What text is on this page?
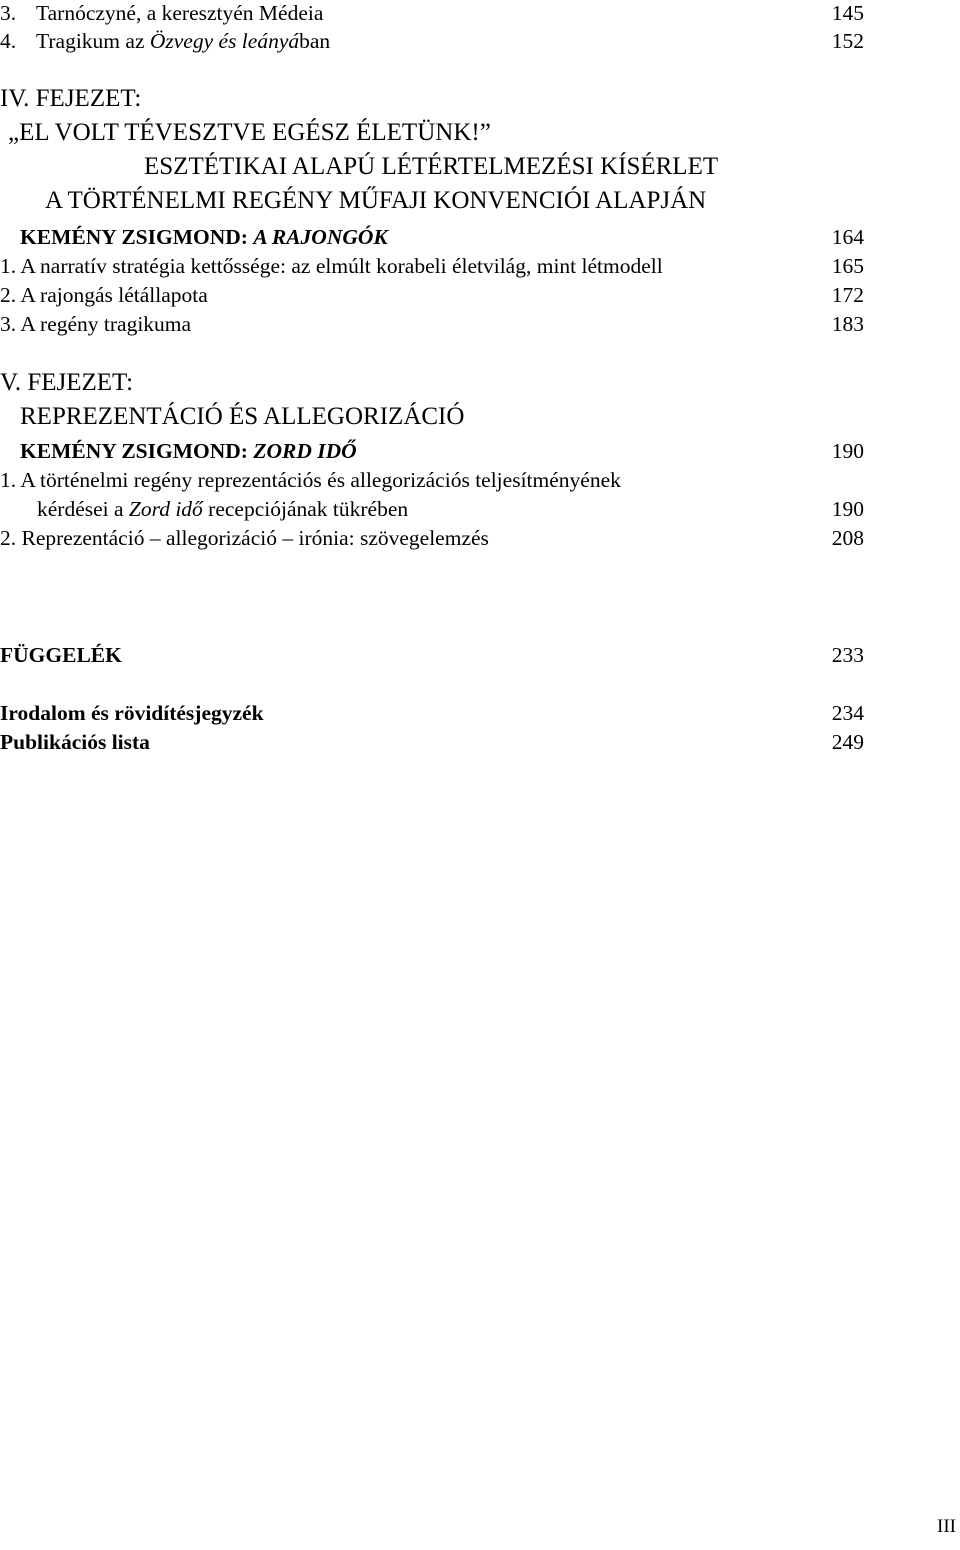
3. Tarnóczyné, a keresztyén Médeia	145
4. Tragikum az Özvegy és leányában	152
IV. FEJEZET:
„EL VOLT TÉVESZTVE EGÉSZ ÉLETÜNK!”
ESZTÉTIKAI ALAPÚ LÉTÉRTELMEZÉSI KÍSÉRLET
A TÖRTÉNELMI REGÉNY MŰFAJI KONVENCIÓI ALAPJÁN
KEMÉNY ZSIGMOND: A RAJONGÓK	164
1. A narratív stratégia kettőssége: az elmúlt korabeli életvilág, mint létmodell	165
2. A rajongás létállapota	172
3. A regény tragikuma	183
V. FEJEZET:
REPREZENTÁCIÓ ÉS ALLEGORIZÁCIÓ
KEMÉNY ZSIGMOND: ZORD IDŐ	190
1. A történelmi regény reprezentációs és allegorizációs teljesítményének
kérdései a Zord idő recepciójának tükrében	190
2. Reprezentáció – allegorizáció – irónia: szövegelemzés	208
FÜGGELÉK	233
Irodalom és rövidítésjegyzék	234
Publikációs lista	249
III
